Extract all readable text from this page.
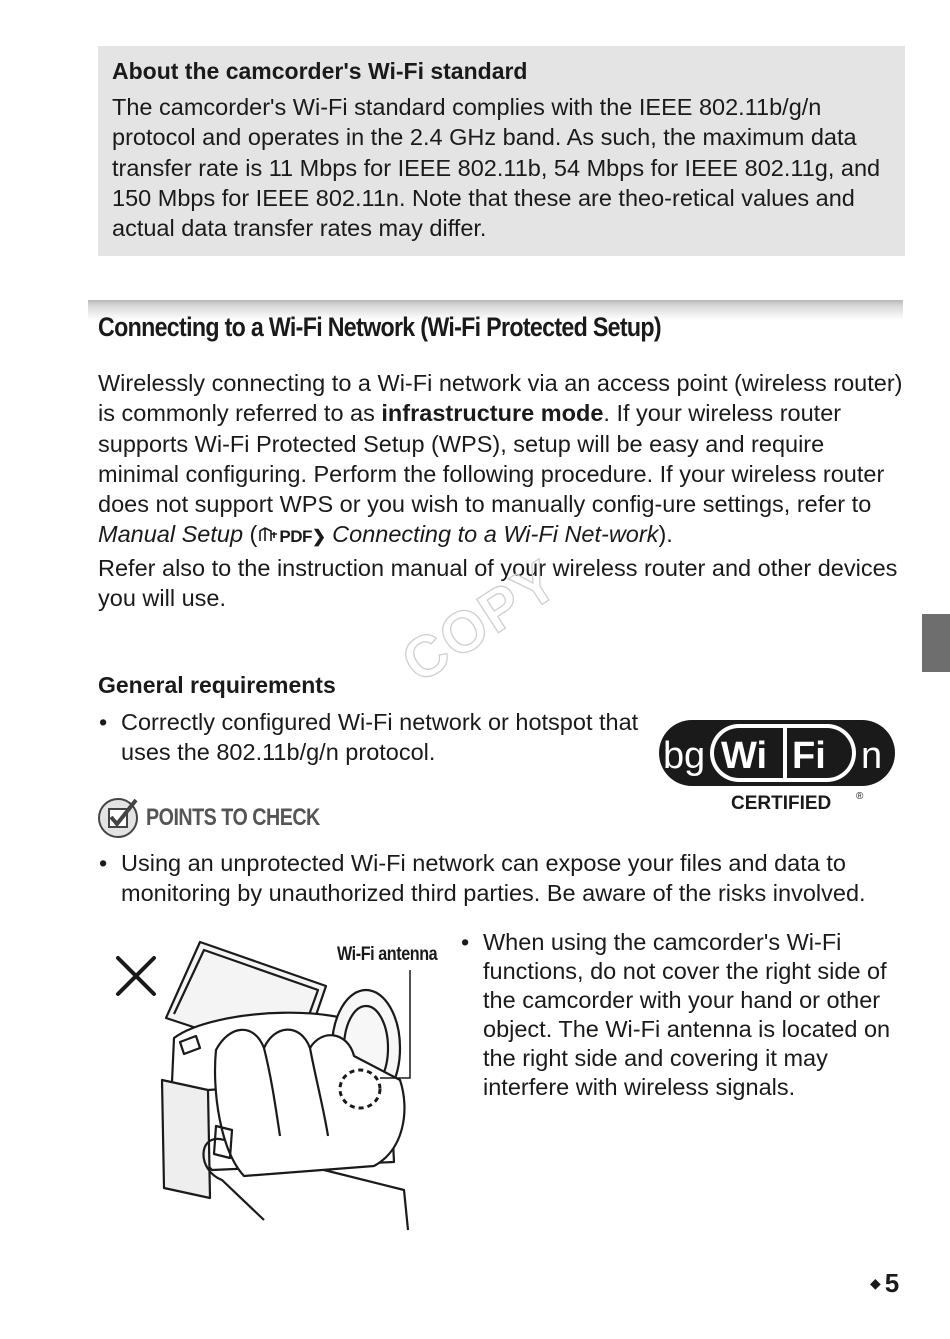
About the camcorder's Wi-Fi standard

The camcorder's Wi-Fi standard complies with the IEEE 802.11b/g/n protocol and operates in the 2.4 GHz band. As such, the maximum data transfer rate is 11 Mbps for IEEE 802.11b, 54 Mbps for IEEE 802.11g, and 150 Mbps for IEEE 802.11n. Note that these are theo-retical values and actual data transfer rates may differ.

Connecting to a Wi-Fi Network (Wi-Fi Protected Setup)

Wirelessly connecting to a Wi-Fi network via an access point (wireless router) is commonly referred to as infrastructure mode. If your wireless router supports Wi-Fi Protected Setup (WPS), setup will be easy and require minimal configuring. Perform the following procedure. If your wireless router does not support WPS or you wish to manually config-ure settings, refer to Manual Setup ( PDF❯ Connecting to a Wi-Fi Net-work).
Refer also to the instruction manual of your wireless router and other devices you will use.

General requirements
• Correctly configured Wi-Fi network or hotspot that uses the 802.11b/g/n protocol.	b g Wi Fi n
CERTIFIED ®
POINTS TO CHECK
• Using an unprotected Wi-Fi network can expose your files and data to monitoring by unauthorized third parties. Be aware of the risks involved.
• When using the camcorder's Wi-Fi functions, do not cover the right side of the camcorder with your hand or other object. The Wi-Fi antenna is located on the right side and covering it may interfere with wireless signals.
Wi-Fi antenna
COPY
◆ 5
